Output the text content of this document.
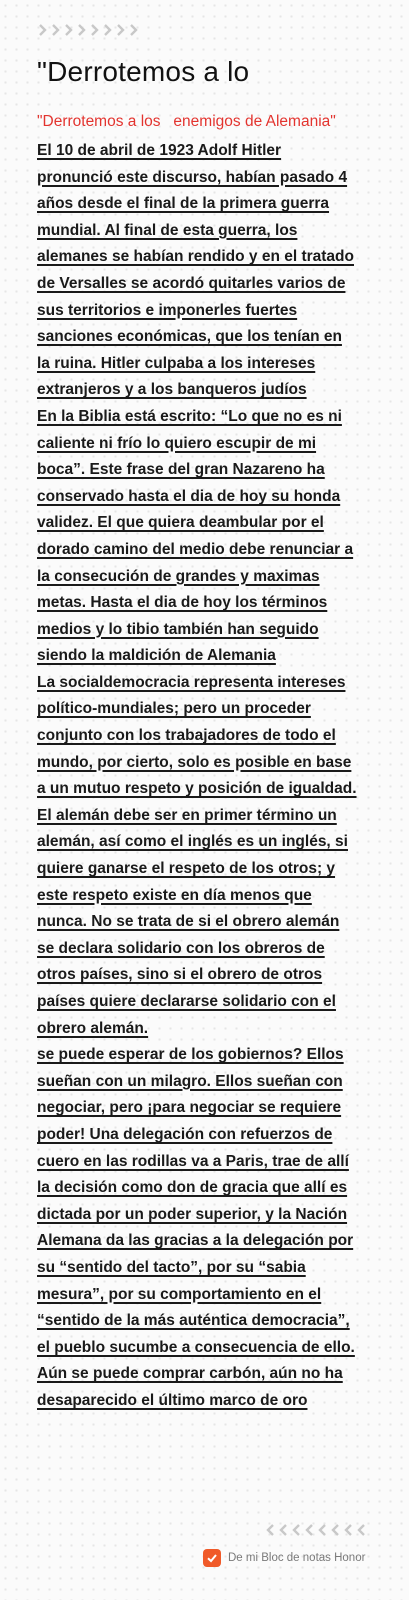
"Derrotemos a lo
"Derrotemos a los   enemigos de Alemania"
El 10 de abril de 1923 Adolf Hitler
pronunció este discurso, habían pasado 4
años desde el final de la primera guerra
mundial. Al final de esta guerra, los
alemanes se habían rendido y en el tratado
de Versalles se acordó quitarles varios de
sus territorios e imponerles fuertes
sanciones económicas, que los tenían en
la ruina. Hitler culpaba a los intereses
extranjeros y a los banqueros judíos
En la Biblia está escrito: “Lo que no es ni
caliente ni frío lo quiero escupir de mi
boca”. Este frase del gran Nazareno ha
conservado hasta el dia de hoy su honda
validez. El que quiera deambular por el
dorado camino del medio debe renunciar a
la consecución de grandes y maximas
metas. Hasta el dia de hoy los términos
medios y lo tibio también han seguido
siendo la maldición de Alemania
La socialdemocracia representa intereses
político-mundiales; pero un proceder
conjunto con los trabajadores de todo el
mundo, por cierto, solo es posible en base
a un mutuo respeto y posición de igualdad.
El alemán debe ser en primer término un
alemán, así como el inglés es un inglés, si
quiere ganarse el respeto de los otros; y
este respeto existe en día menos que
nunca. No se trata de si el obrero alemán
se declara solidario con los obreros de
otros países, sino si el obrero de otros
países quiere declararse solidario con el
obrero alemán.
se puede esperar de los gobiernos? Ellos
sueñan con un milagro. Ellos sueñan con
negociar, pero ¡para negociar se requiere
poder! Una delegación con refuerzos de
cuero en las rodillas va a Paris, trae de allí
la decisión como don de gracia que allí es
dictada por un poder superior, y la Nación
Alemana da las gracias a la delegación por
su “sentido del tacto”, por su “sabia
mesura”, por su comportamiento en el
“sentido de la más auténtica democracia”,
el pueblo sucumbe a consecuencia de ello.
Aún se puede comprar carbón, aún no ha
desaparecido el último marco de oro
De mi Bloc de notas Honor
